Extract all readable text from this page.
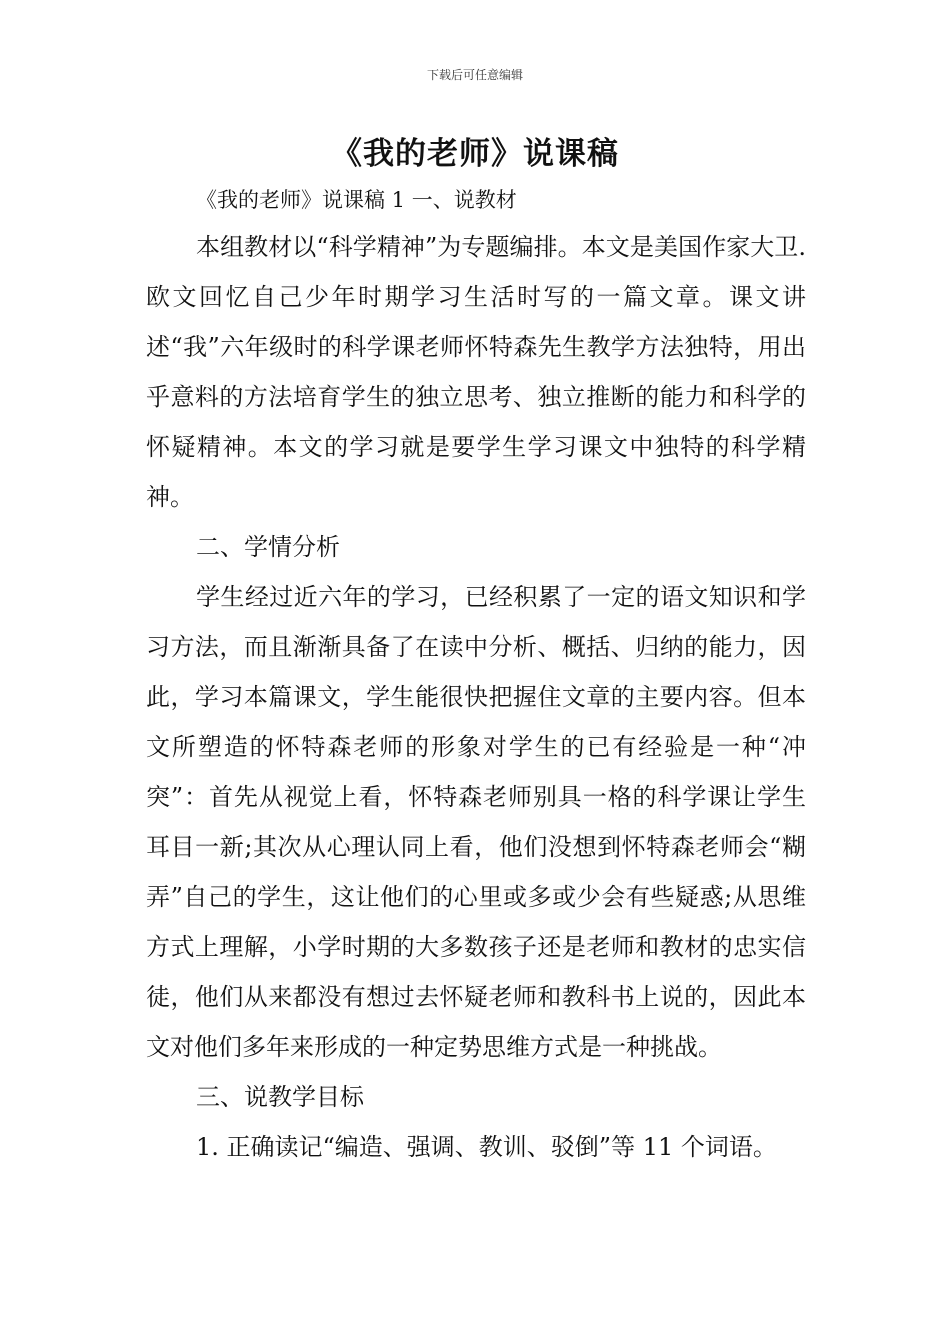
下载后可任意编辑
《我的老师》说课稿

《我的老师》说课稿 1 一、说教材

本组教材以“科学精神”为专题编排。本文是美国作家大卫. 欧文回忆自己少年时期学习生活时写的一篇文章。课文讲述“我”六年级时的科学课老师怀特森先生教学方法独特，用出乎意料的方法培育学生的独立思考、独立推断的能力和科学的怀疑精神。本文的学习就是要学生学习课文中独特的科学精神。

二、学情分析

学生经过近六年的学习，已经积累了一定的语文知识和学习方法，而且渐渐具备了在读中分析、概括、归纳的能力，因此，学习本篇课文，学生能很快把握住文章的主要内容。但本文所塑造的怀特森老师的形象对学生的已有经验是一种“冲突”：首先从视觉上看，怀特森老师别具一格的科学课让学生耳目一新;其次从心理认同上看，他们没想到怀特森老师会“糊弄”自己的学生，这让他们的心里或多或少会有些疑惑;从思维方式上理解，小学时期的大多数孩子还是老师和教材的忠实信徒，他们从来都没有想过去怀疑老师和教科书上说的，因此本文对他们多年来形成的一种定势思维方式是一种挑战。

三、说教学目标

1. 正确读记“编造、强调、教训、驳倒”等 11 个词语。
